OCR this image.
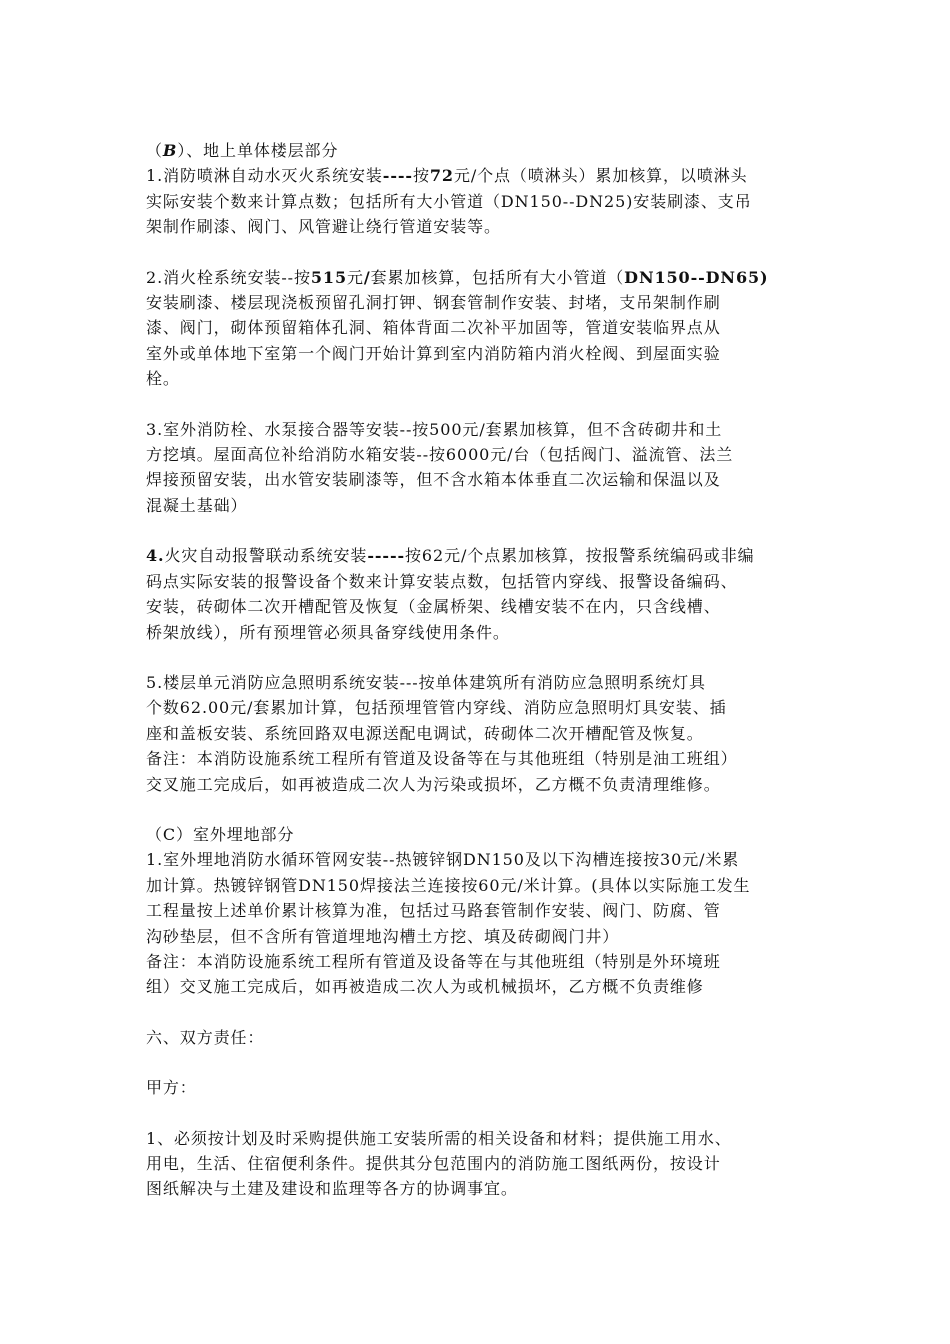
（B）、地上单体楼层部分

1.消防喷淋自动水灭火系统安装----按72元/个点（喷淋头）累加核算，以喷淋头
实际安装个数来计算点数；包括所有大小管道（DN150--DN25)安装刷漆、支吊
架制作刷漆、阀门、风管避让绕行管道安装等。

2.消火栓系统安装--按515元/套累加核算，包括所有大小管道（DN150--DN65)
安装刷漆、楼层现浇板预留孔洞打钾、钢套管制作安装、封堵，支吊架制作刷
漆、阀门，砌体预留箱体孔洞、箱体背面二次补平加固等，管道安装临界点从
室外或单体地下室第一个阀门开始计算到室内消防箱内消火栓阀、到屋面实验
栓。

3.室外消防栓、水泵接合器等安装--按500元/套累加核算，但不含砖砌井和土
方挖填。屋面高位补给消防水箱安装--按6000元/台（包括阀门、溢流管、法兰
焊接预留安装，出水管安装刷漆等，但不含水箱本体垂直二次运输和保温以及
混凝土基础）

4.火灾自动报警联动系统安装-----按62元/个点累加核算，按报警系统编码或非编
码点实际安装的报警设备个数来计算安装点数，包括管内穿线、报警设备编码、
安装，砖砌体二次开槽配管及恢复（金属桥架、线槽安装不在内，只含线槽、
桥架放线），所有预埋管必须具备穿线使用条件。

5.楼层单元消防应急照明系统安装---按单体建筑所有消防应急照明系统灯具
个数62.00元/套累加计算，包括预埋管管内穿线、消防应急照明灯具安装、插
座和盖板安装、系统回路双电源送配电调试，砖砌体二次开槽配管及恢复。
备注：本消防设施系统工程所有管道及设备等在与其他班组（特别是油工班组）
交叉施工完成后，如再被造成二次人为污染或损坏，乙方概不负责清理维修。

（C）室外埋地部分
1.室外埋地消防水循环管网安装--热镀锌钢DN150及以下沟槽连接按30元/米累
加计算。热镀锌钢管DN150焊接法兰连接按60元/米计算。(具体以实际施工发生
工程量按上述单价累计核算为准，包括过马路套管制作安装、阀门、防腐、管
沟砂垫层，但不含所有管道埋地沟槽土方挖、填及砖砌阀门井）
备注：本消防设施系统工程所有管道及设备等在与其他班组（特别是外环境班
组）交叉施工完成后，如再被造成二次人为或机械损坏，乙方概不负责维修

六、双方责任：

甲方：

1、必须按计划及时采购提供施工安装所需的相关设备和材料；提供施工用水、
用电，生活、住宿便利条件。提供其分包范围内的消防施工图纸两份，按设计
图纸解决与土建及建设和监理等各方的协调事宜。
